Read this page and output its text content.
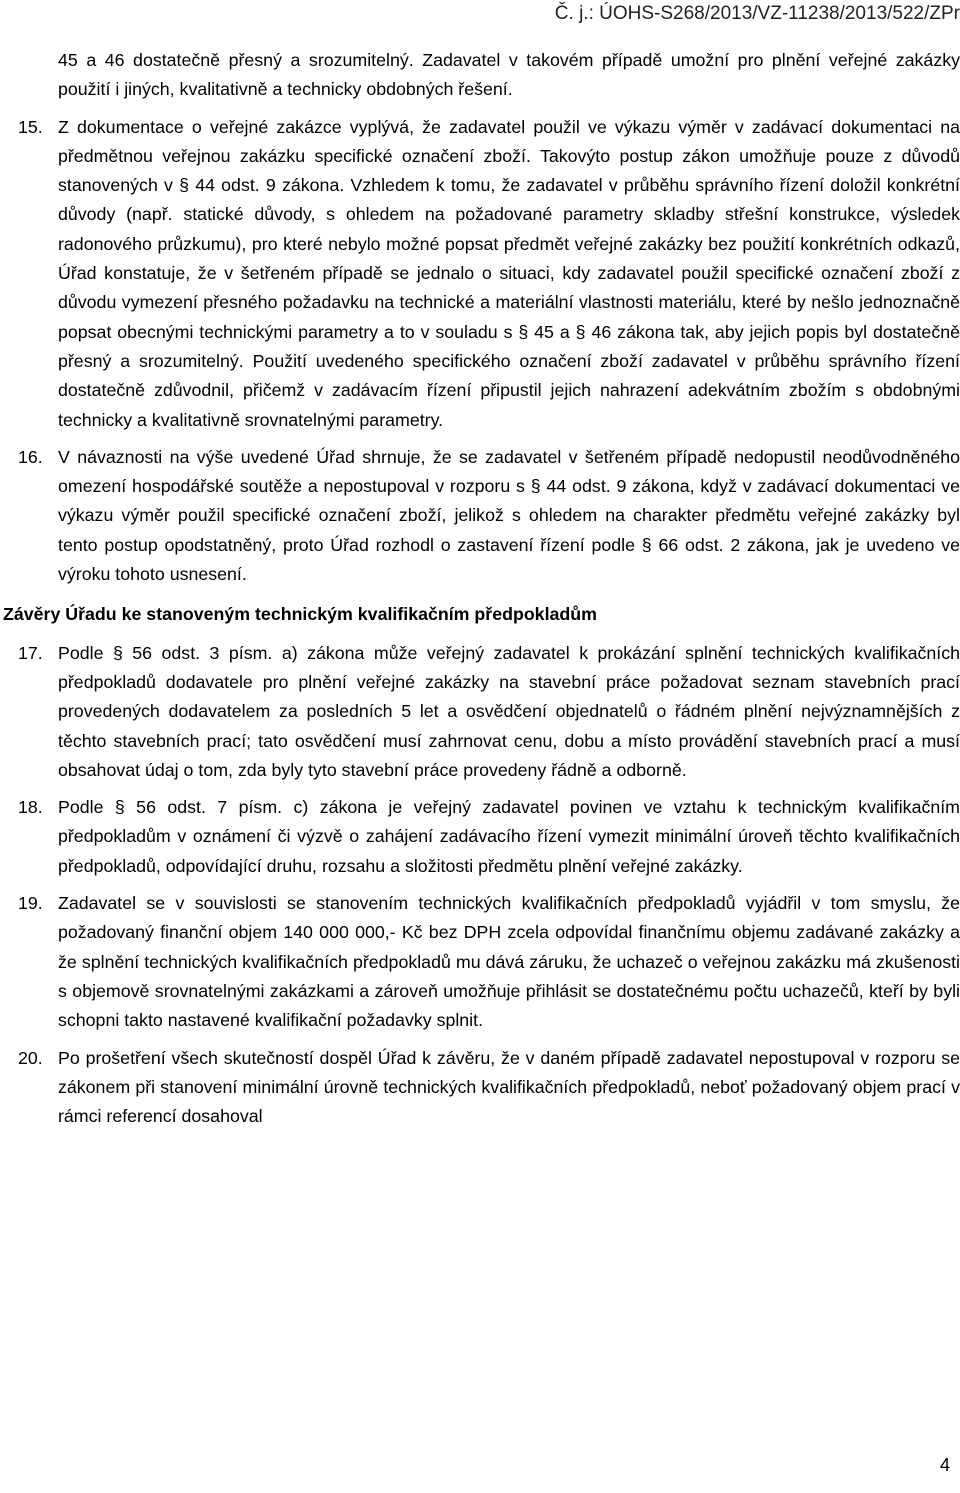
Č. j.: ÚOHS-S268/2013/VZ-11238/2013/522/ZPr

45 a 46 dostatečně přesný a srozumitelný. Zadavatel v takovém případě umožní pro plnění veřejné zakázky použití i jiných, kvalitativně a technicky obdobných řešení.

15. Z dokumentace o veřejné zakázce vyplývá, že zadavatel použil ve výkazu výměr v zadávací dokumentaci na předmětnou veřejnou zakázku specifické označení zboží. Takovýto postup zákon umožňuje pouze z důvodů stanovených v § 44 odst. 9 zákona. Vzhledem k tomu, že zadavatel v průběhu správního řízení doložil konkrétní důvody (např. statické důvody, s ohledem na požadované parametry skladby střešní konstrukce, výsledek radonového průzkumu), pro které nebylo možné popsat předmět veřejné zakázky bez použití konkrétních odkazů, Úřad konstatuje, že v šetřeném případě se jednalo o situaci, kdy zadavatel použil specifické označení zboží z důvodu vymezení přesného požadavku na technické a materiální vlastnosti materiálu, které by nešlo jednoznačně popsat obecnými technickými parametry a to v souladu s § 45 a § 46 zákona tak, aby jejich popis byl dostatečně přesný a srozumitelný. Použití uvedeného specifického označení zboží zadavatel v průběhu správního řízení dostatečně zdůvodnil, přičemž v zadávacím řízení připustil jejich nahrazení adekvátním zbožím s obdobnými technicky a kvalitativně srovnatelnými parametry.

16. V návaznosti na výše uvedené Úřad shrnuje, že se zadavatel v šetřeném případě nedopustil neodůvodněného omezení hospodářské soutěže a nepostupoval v rozporu s § 44 odst. 9 zákona, když v zadávací dokumentaci ve výkazu výměr použil specifické označení zboží, jelikož s ohledem na charakter předmětu veřejné zakázky byl tento postup opodstatněný, proto Úřad rozhodl o zastavení řízení podle § 66 odst. 2 zákona, jak je uvedeno ve výroku tohoto usnesení.

Závěry Úřadu ke stanoveným technickým kvalifikačním předpokladům

17. Podle § 56 odst. 3 písm. a) zákona může veřejný zadavatel k prokázání splnění technických kvalifikačních předpokladů dodavatele pro plnění veřejné zakázky na stavební práce požadovat seznam stavebních prací provedených dodavatelem za posledních 5 let a osvědčení objednatelů o řádném plnění nejvýznamnějších z těchto stavebních prací; tato osvědčení musí zahrnovat cenu, dobu a místo provádění stavebních prací a musí obsahovat údaj o tom, zda byly tyto stavební práce provedeny řádně a odborně.

18. Podle § 56 odst. 7 písm. c) zákona je veřejný zadavatel povinen ve vztahu k technickým kvalifikačním předpokladům v oznámení či výzvě o zahájení zadávacího řízení vymezit minimální úroveň těchto kvalifikačních předpokladů, odpovídající druhu, rozsahu a složitosti předmětu plnění veřejné zakázky.

19. Zadavatel se v souvislosti se stanovením technických kvalifikačních předpokladů vyjádřil v tom smyslu, že požadovaný finanční objem 140 000 000,- Kč bez DPH zcela odpovídal finančnímu objemu zadávané zakázky a že splnění technických kvalifikačních předpokladů mu dává záruku, že uchazeč o veřejnou zakázku má zkušenosti s objemově srovnatelnými zakázkami a zároveň umožňuje přihlásit se dostatečnému počtu uchazečů, kteří by byli schopni takto nastavené kvalifikační požadavky splnit.

20. Po prošetření všech skutečností dospěl Úřad k závěru, že v daném případě zadavatel nepostupoval v rozporu se zákonem při stanovení minimální úrovně technických kvalifikačních předpokladů, neboť požadovaný objem prací v rámci referencí dosahoval

4
